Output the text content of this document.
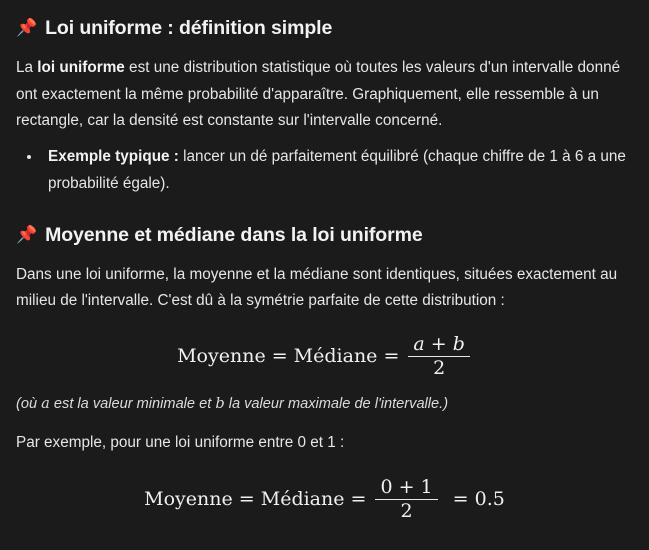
📌 Loi uniforme : définition simple

La loi uniforme est une distribution statistique où toutes les valeurs d'un intervalle donné ont exactement la même probabilité d'apparaître. Graphiquement, elle ressemble à un rectangle, car la densité est constante sur l'intervalle concerné.

• Exemple typique : lancer un dé parfaitement équilibré (chaque chiffre de 1 à 6 a une probabilité égale).
📌 Moyenne et médiane dans la loi uniforme

Dans une loi uniforme, la moyenne et la médiane sont identiques, situées exactement au milieu de l'intervalle. C'est dû à la symétrie parfaite de cette distribution :

Moyenne = Médiane = $\frac{a + b}{2}$

(où a est la valeur minimale et b la valeur maximale de l'intervalle.)

Par exemple, pour une loi uniforme entre 0 et 1 :

Moyenne = Médiane = $\frac{0 + 1}{2} = 0.5$
